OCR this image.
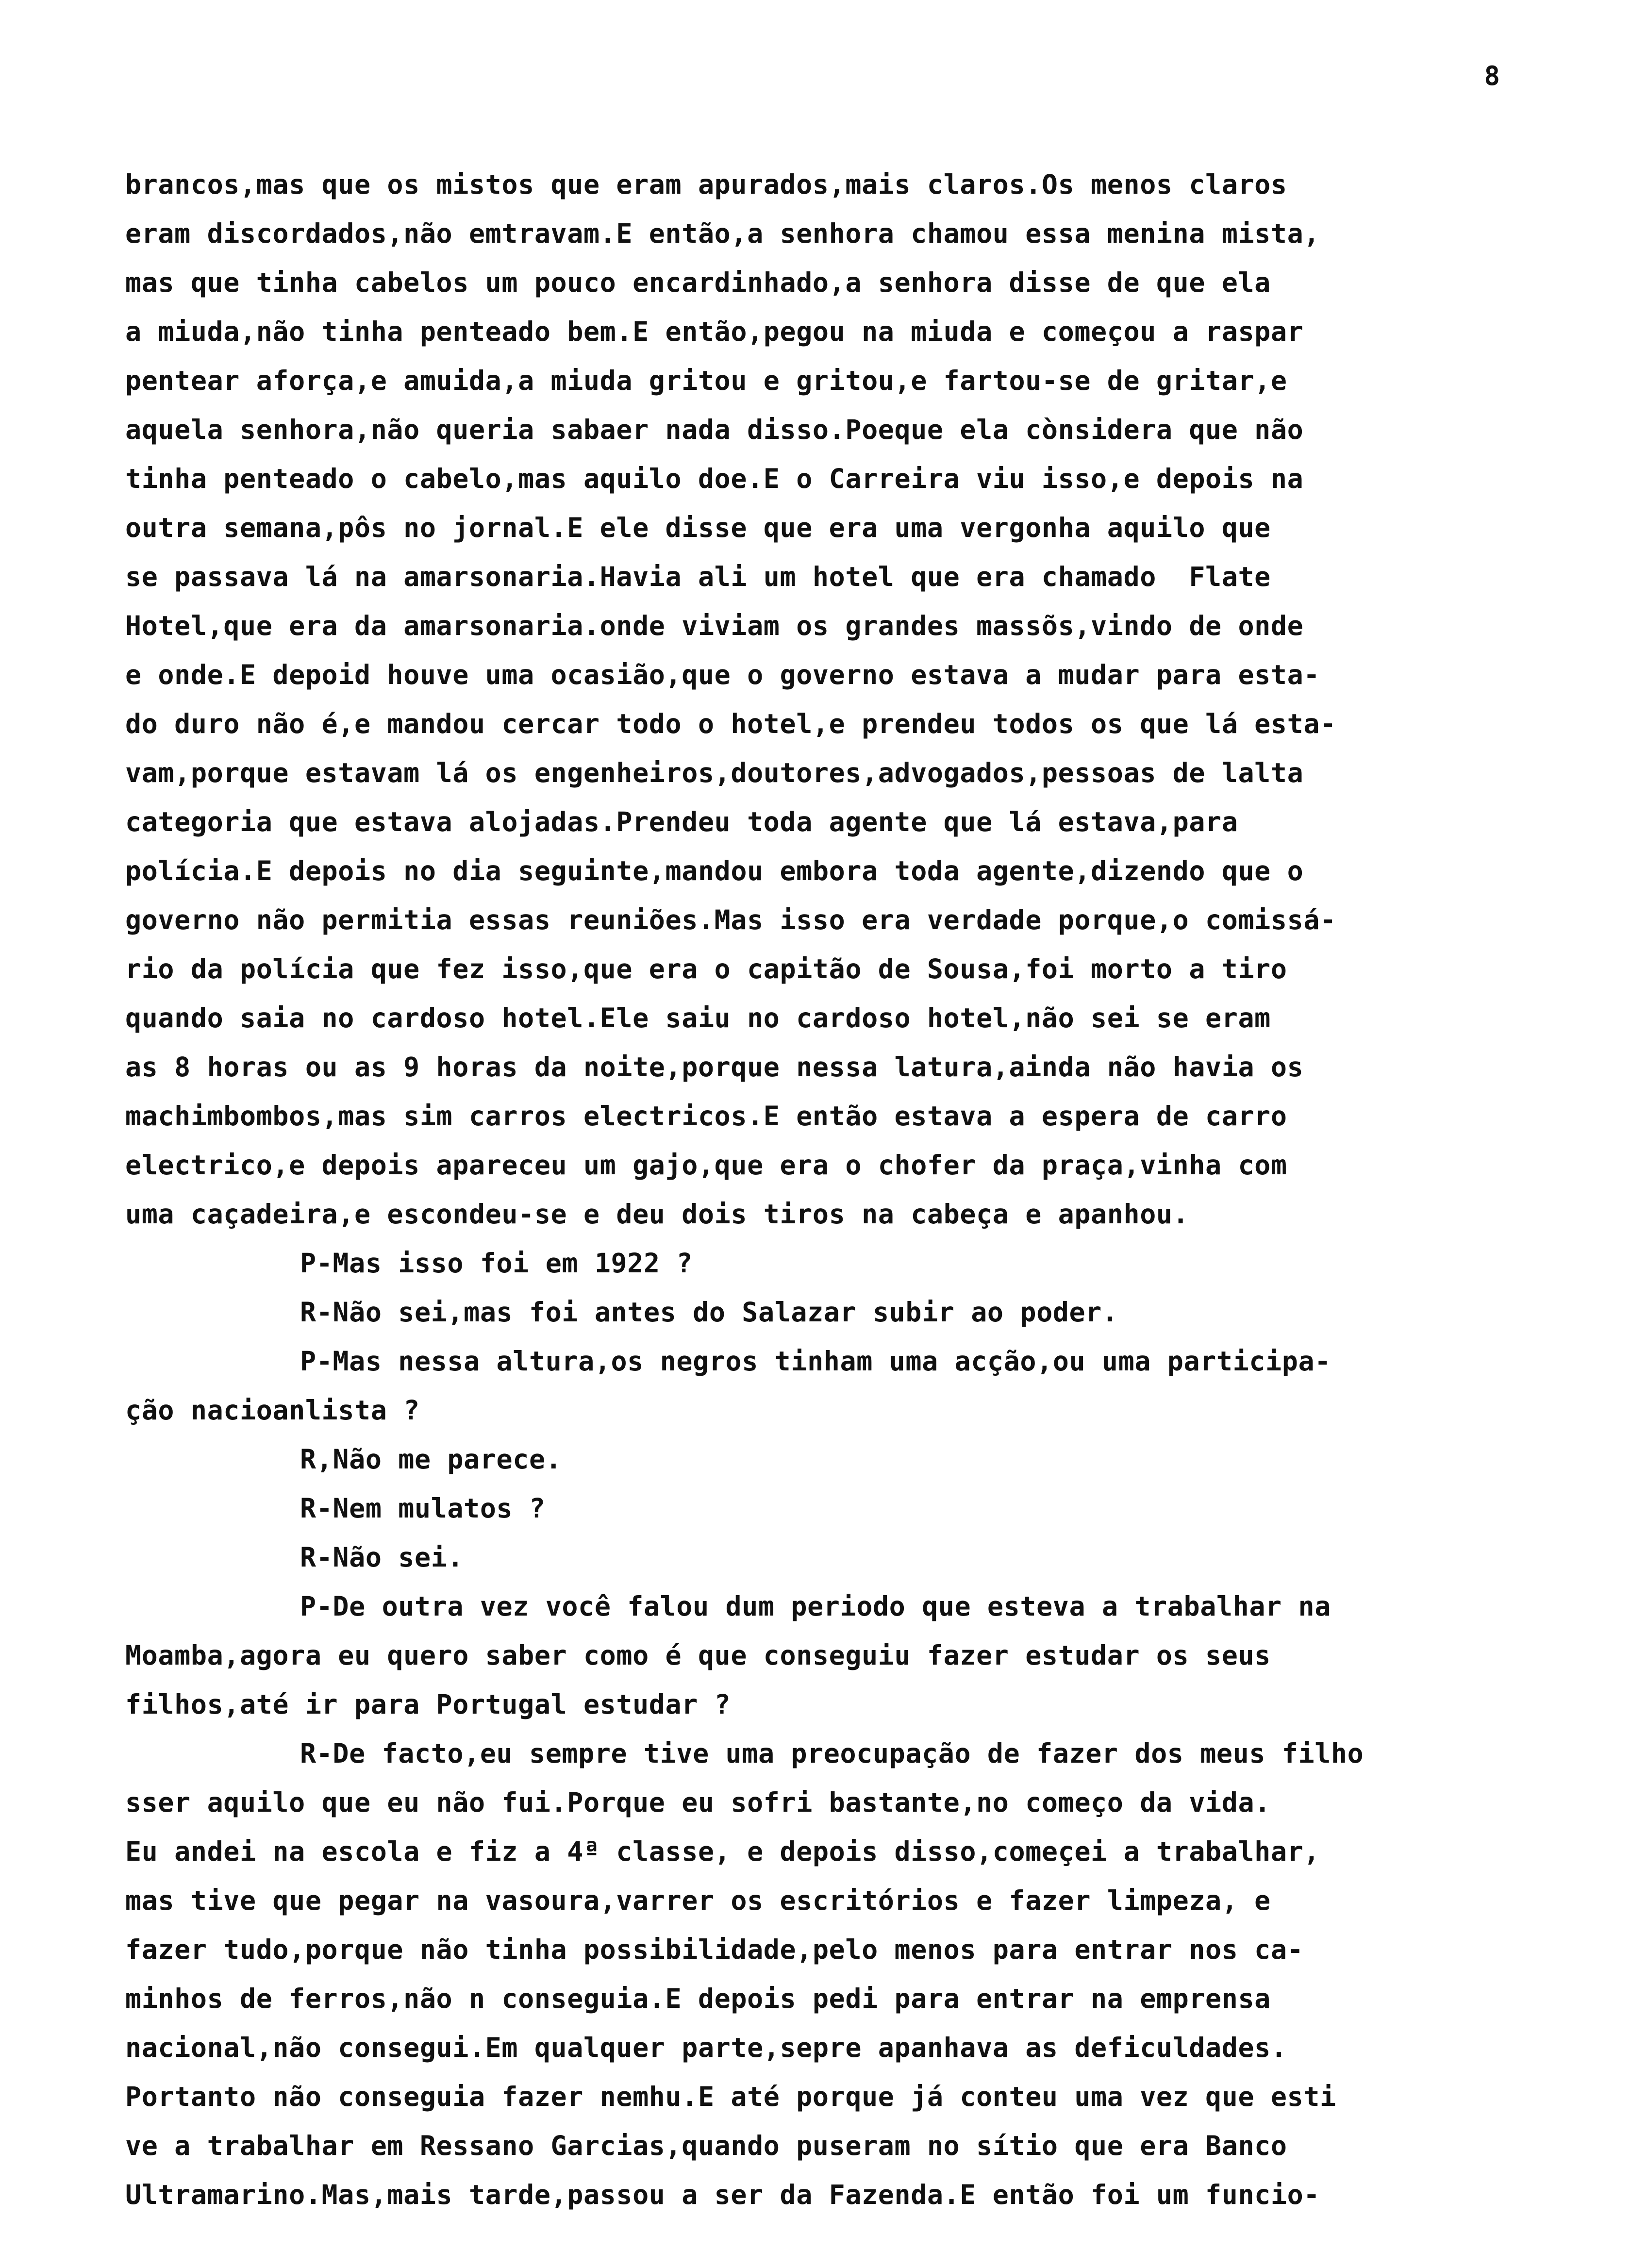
8
brancos,mas que os mistos que eram apurados,mais claros.Os menos claros
eram discordados,não emtravam.E então,a senhora chamou essa menina mista,
mas que tinha cabelos um pouco encardinhado,a senhora disse de que ela
a miuda,não tinha penteado bem.E então,pegou na miuda e começou a raspar
pentear aforça,e amuida,a miuda gritou e gritou,e fartou-se de gritar,e
aquela senhora,não queria sabaer nada disso.Poeque ela cònsidera que não
tinha penteado o cabelo,mas aquilo doe.E o Carreira viu isso,e depois na
outra semana,pôs no jornal.E ele disse que era uma vergonha aquilo que
se passava lá na amarsonaria.Havia ali um hotel que era chamado  Flate
Hotel,que era da amarsonaria.onde viviam os grandes massõs,vindo de onde
e onde.E depoid houve uma ocasião,que o governo estava a mudar para esta-
do duro não é,e mandou cercar todo o hotel,e prendeu todos os que lá esta-
vam,porque estavam lá os engenheiros,doutores,advogados,pessoas de lalta
categoria que estava alojadas.Prendeu toda agente que lá estava,para
polícia.E depois no dia seguinte,mandou embora toda agente,dizendo que o
governo não permitia essas reuniões.Mas isso era verdade porque,o comissá-
rio da polícia que fez isso,que era o capitão de Sousa,foi morto a tiro
quando saia no cardoso hotel.Ele saiu no cardoso hotel,não sei se eram
as 8 horas ou as 9 horas da noite,porque nessa latura,ainda não havia os
machimbombos,mas sim carros electricos.E então estava a espera de carro
electrico,e depois apareceu um gajo,que era o chofer da praça,vinha com
uma caçadeira,e escondeu-se e deu dois tiros na cabeça e apanhou.
P-Mas isso foi em 1922 ?
R-Não sei,mas foi antes do Salazar subir ao poder.
P-Mas nessa altura,os negros tinham uma acção,ou uma participa-
ção nacioanlista ?
R,Não me parece.
R-Nem mulatos ?
R-Não sei.
P-De outra vez você falou dum periodo que esteva a trabalhar na
Moamba,agora eu quero saber como é que conseguiu fazer estudar os seus
filhos,até ir para Portugal estudar ?
R-De facto,eu sempre tive uma preocupação de fazer dos meus filho
sser aquilo que eu não fui.Porque eu sofri bastante,no começo da vida.
Eu andei na escola e fiz a 4ª classe, e depois disso,começei a trabalhar,
mas tive que pegar na vasoura,varrer os escritórios e fazer limpeza, e
fazer tudo,porque não tinha possibilidade,pelo menos para entrar nos ca-
minhos de ferros,não n conseguia.E depois pedi para entrar na emprensa
nacional,não consegui.Em qualquer parte,sepre apanhava as deficuldades.
Portanto não conseguia fazer nemhu.E até porque já conteu uma vez que esti
ve a trabalhar em Ressano Garcias,quando puseram no sítio que era Banco
Ultramarino.Mas,mais tarde,passou a ser da Fazenda.E então foi um funcio-
